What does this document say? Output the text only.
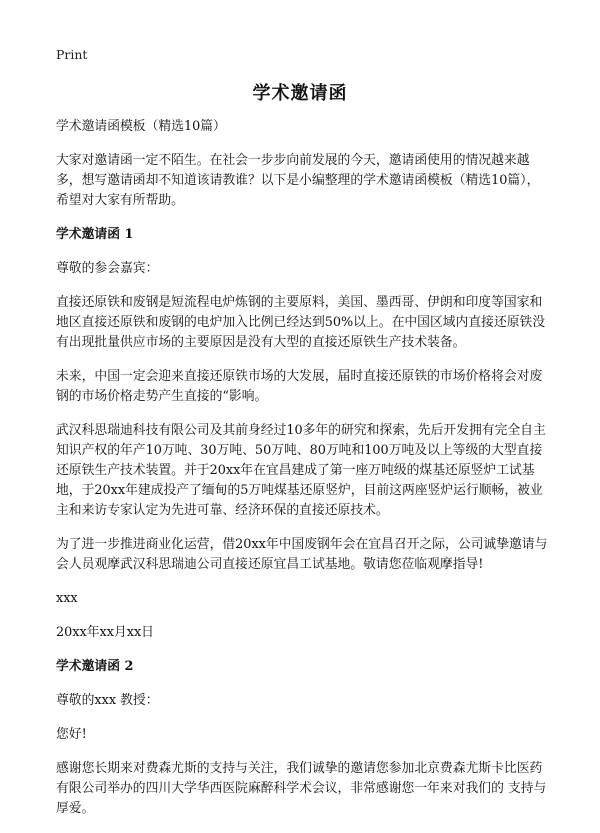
Print
学术邀请函

学术邀请函模板（精选10篇）

大家对邀请函一定不陌生。在社会一步步向前发展的今天，邀请函使用的情况越来越多，想写邀请函却不知道该请教谁？以下是小编整理的学术邀请函模板（精选10篇），希望对大家有所帮助。

学术邀请函 1

尊敬的参会嘉宾：

直接还原铁和废钢是短流程电炉炼钢的主要原料，美国、墨西哥、伊朗和印度等国家和地区直接还原铁和废钢的电炉加入比例已经达到50%以上。在中国区域内直接还原铁没有出现批量供应市场的主要原因是没有大型的直接还原铁生产技术装备。

未来，中国一定会迎来直接还原铁市场的大发展，届时直接还原铁的市场价格将会对废钢的市场价格走势产生直接的“影响。

武汉科思瑞迪科技有限公司及其前身经过10多年的研究和探索，先后开发拥有完全自主知识产权的年产10万吨、30万吨、50万吨、80万吨和100万吨及以上等级的大型直接还原铁生产技术装置。并于20xx年在宜昌建成了第一座万吨级的煤基还原竖炉工试基地，于20xx年建成投产了缅甸的5万吨煤基还原竖炉，目前这两座竖炉运行顺畅，被业主和来访专家认定为先进可靠、经济环保的直接还原技术。

为了进一步推进商业化运营，借20xx年中国废钢年会在宜昌召开之际，公司诚挚邀请与会人员观摩武汉科思瑞迪公司直接还原宜昌工试基地。敬请您莅临观摩指导!

xxx

20xx年xx月xx日

学术邀请函 2

尊敬的xxx 教授：

您好!

感谢您长期来对费森尤斯的支持与关注，我们诚挚的邀请您参加北京费森尤斯卡比医药有限公司举办的四川大学华西医院麻醉科学术会议，非常感谢您一年来对我们的 支持与厚爱。
